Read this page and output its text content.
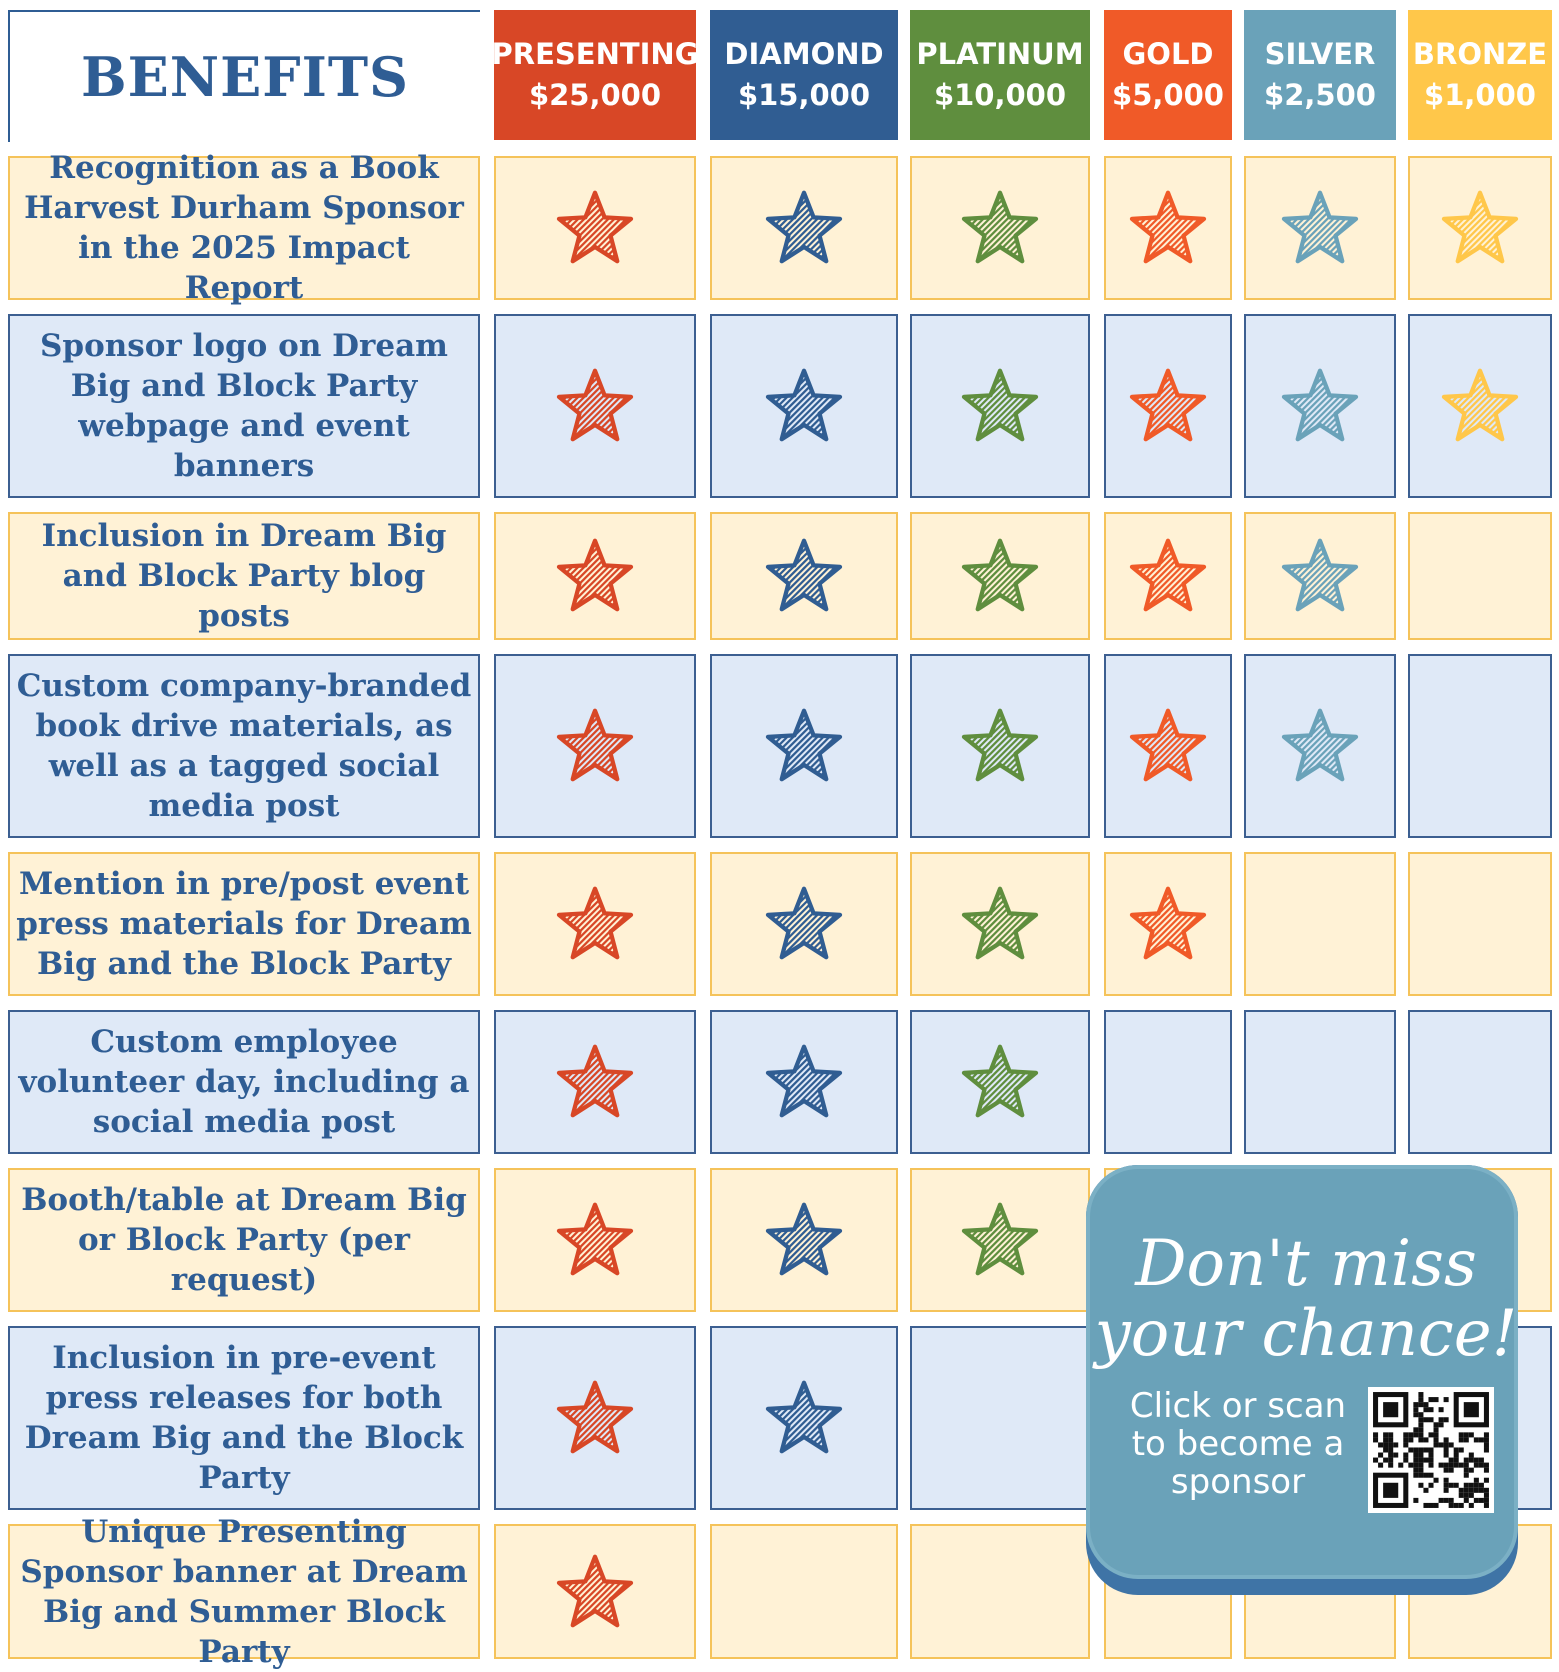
BENEFITS	PRESENTING
$25,000
DIAMOND
$15,000
PLATINUM
$10,000
GOLD
$5,000
SILVER
$2,500
BRONZE
$1,000
Recognition as a Book Harvest Durham Sponsor in the 2025 Impact Report
Sponsor logo on Dream Big and Block Party webpage and event banners
Inclusion in Dream Big and Block Party blog posts
Custom company-branded book drive materials, as well as a tagged social media post
Mention in pre/post event press materials for Dream Big and the Block Party
Custom employee volunteer day, including a social media post
Booth/table at Dream Big or Block Party (per request)
Inclusion in pre-event press releases for both Dream Big and the Block Party
Unique Presenting Sponsor banner at Dream Big and Summer Block Party
Don't miss your chance!
Click or scan to become a sponsor
